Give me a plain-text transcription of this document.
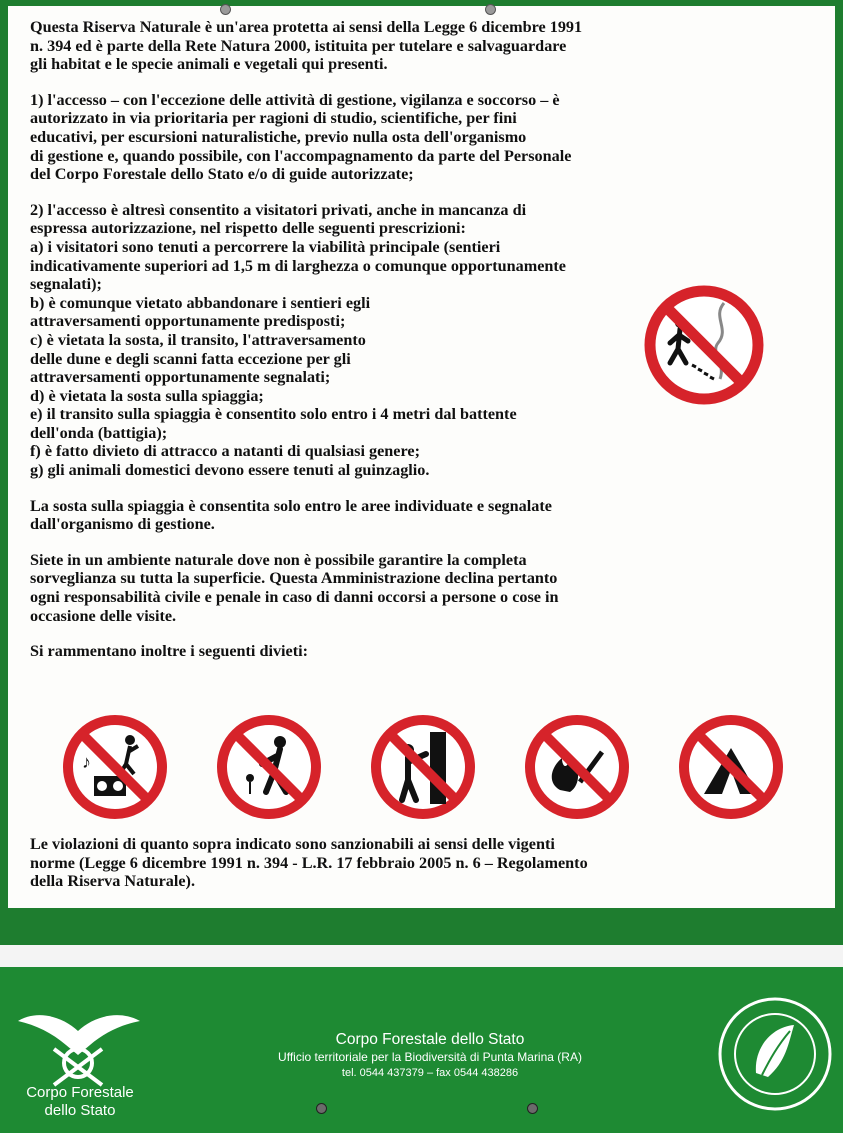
Questa Riserva Naturale è un'area protetta ai sensi della Legge 6 dicembre 1991
n. 394 ed è parte della Rete Natura 2000, istituita per tutelare e salvaguardare
gli habitat e le specie animali e vegetali qui presenti.
1) l'accesso – con l'eccezione delle attività di gestione, vigilanza e soccorso – è
autorizzato in via prioritaria per ragioni di studio, scientifiche, per fini
educativi, per escursioni naturalistiche, previo nulla osta dell'organismo
di gestione e, quando possibile, con l'accompagnamento da parte del Personale
del Corpo Forestale dello Stato e/o di guide autorizzate;
2) l'accesso è altresì consentito a visitatori privati, anche in mancanza di
espressa autorizzazione, nel rispetto delle seguenti prescrizioni:
a) i visitatori sono tenuti a percorrere la viabilità principale (sentieri
indicativamente superiori ad 1,5 m di larghezza o comunque opportunamente
segnalati);
b) è comunque vietato abbandonare i sentieri egli
attraversamenti opportunamente predisposti;
c) è vietata la sosta, il transito, l'attraversamento
delle dune e degli scanni fatta eccezione per gli
attraversamenti opportunamente segnalati;
d) è vietata la sosta sulla spiaggia;
e) il transito sulla spiaggia è consentito solo entro i 4 metri dal battente
dell'onda (battigia);
f) è fatto divieto di attracco a natanti di qualsiasi genere;
g) gli animali domestici devono essere tenuti al guinzaglio.
La sosta sulla spiaggia è consentita solo entro le aree individuate e segnalate
dall'organismo di gestione.
Siete in un ambiente naturale dove non è possibile garantire la completa
sorveglianza su tutta la superficie. Questa Amministrazione declina pertanto
ogni responsabilità civile e penale in caso di danni occorsi a persone o cose in
occasione delle visite.
Si rammentano inoltre i seguenti divieti:
♪
Le violazioni di quanto sopra indicato sono sanzionabili ai sensi delle vigenti
norme (Legge 6 dicembre 1991 n. 394 - L.R. 17 febbraio 2005 n. 6 – Regolamento
della Riserva Naturale).
Corpo Forestale
dello Stato
Corpo Forestale dello Stato
Ufficio territoriale per la Biodiversità di Punta Marina (RA)
tel. 0544 437379 – fax 0544 438286
